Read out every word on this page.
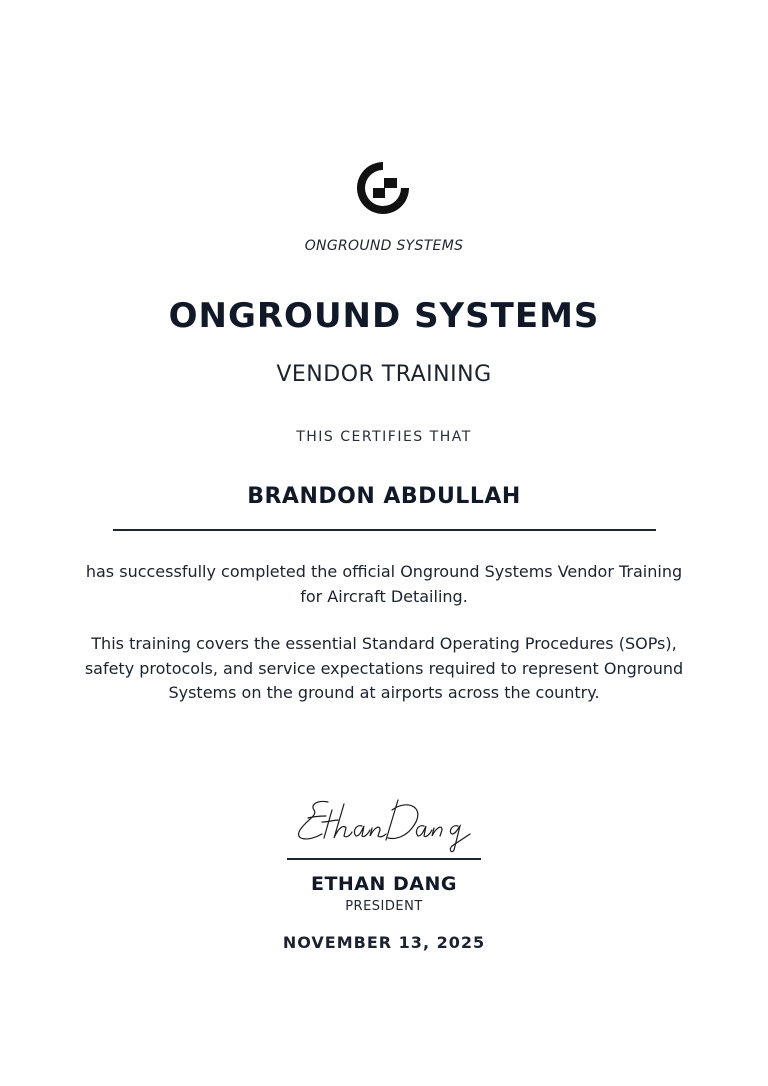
ONGROUND SYSTEMS
ONGROUND SYSTEMS
VENDOR TRAINING
THIS CERTIFIES THAT
BRANDON ABDULLAH
has successfully completed the official Onground Systems Vendor Training for Aircraft Detailing.
This training covers the essential Standard Operating Procedures (SOPs), safety protocols, and service expectations required to represent Onground Systems on the ground at airports across the country.
ETHAN DANG
PRESIDENT
NOVEMBER 13, 2025
